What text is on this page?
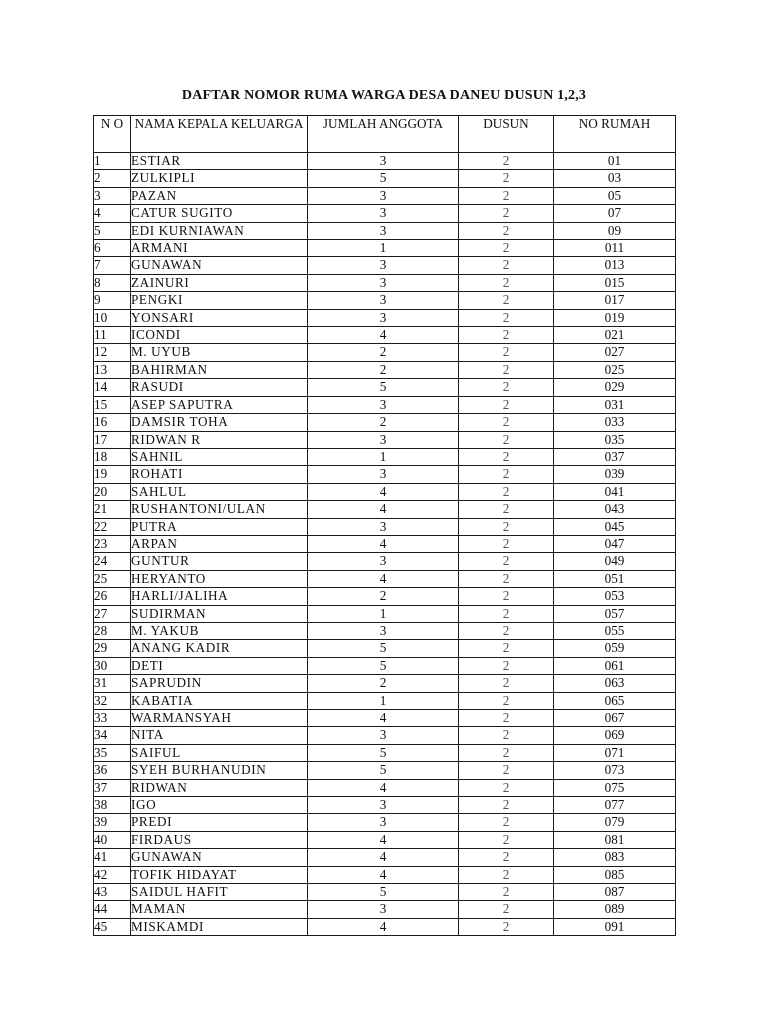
DAFTAR NOMOR RUMA WARGA DESA DANEU DUSUN 1,2,3
N O	NAMA KEPALA KELUARGA	JUMLAH ANGGOTA	DUSUN	NO RUMAH
1	ESTIAR	3	2	01
2	ZULKIPLI	5	2	03
3	PAZAN	3	2	05
4	CATUR SUGITO	3	2	07
5	EDI KURNIAWAN	3	2	09
6	ARMANI	1	2	011
7	GUNAWAN	3	2	013
8	ZAINURI	3	2	015
9	PENGKI	3	2	017
10	YONSARI	3	2	019
11	ICONDI	4	2	021
12	M. UYUB	2	2	027
13	BAHIRMAN	2	2	025
14	RASUDI	5	2	029
15	ASEP SAPUTRA	3	2	031
16	DAMSIR TOHA	2	2	033
17	RIDWAN R	3	2	035
18	SAHNIL	1	2	037
19	ROHATI	3	2	039
20	SAHLUL	4	2	041
21	RUSHANTONI/ULAN	4	2	043
22	PUTRA	3	2	045
23	ARPAN	4	2	047
24	GUNTUR	3	2	049
25	HERYANTO	4	2	051
26	HARLI/JALIHA	2	2	053
27	SUDIRMAN	1	2	057
28	M. YAKUB	3	2	055
29	ANANG KADIR	5	2	059
30	DETI	5	2	061
31	SAPRUDIN	2	2	063
32	KABATIA	1	2	065
33	WARMANSYAH	4	2	067
34	NITA	3	2	069
35	SAIFUL	5	2	071
36	SYEH BURHANUDIN	5	2	073
37	RIDWAN	4	2	075
38	IGO	3	2	077
39	PREDI	3	2	079
40	FIRDAUS	4	2	081
41	GUNAWAN	4	2	083
42	TOFIK HIDAYAT	4	2	085
43	SAIDUL HAFIT	5	2	087
44	MAMAN	3	2	089
45	MISKAMDI	4	2	091
